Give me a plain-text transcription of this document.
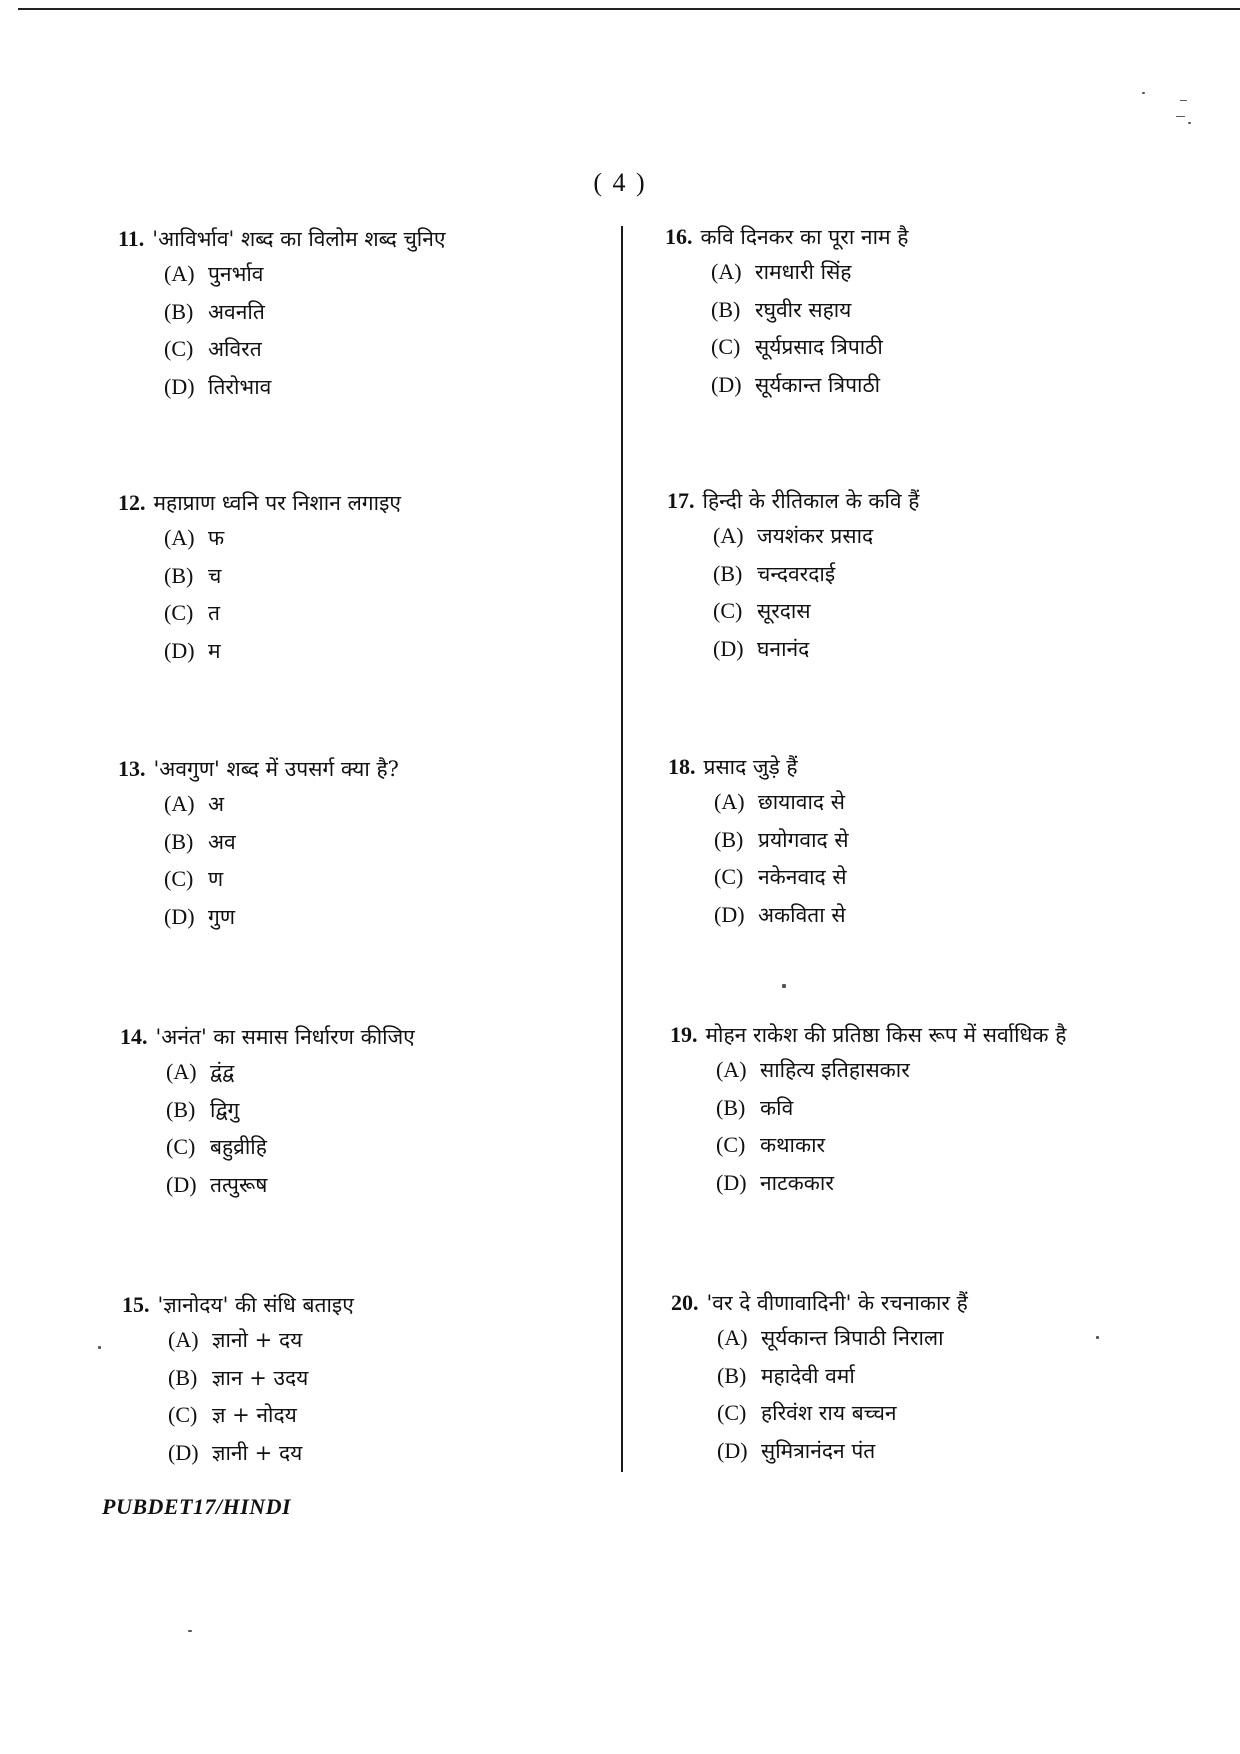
( 4 )
11. 'आविर्भाव' शब्द का विलोम शब्द चुनिए
(A) पुनर्भाव
(B) अवनति
(C) अविरत
(D) तिरोभाव
12. महाप्राण ध्वनि पर निशान लगाइए
(A) फ
(B) च
(C) त
(D) म
13. 'अवगुण' शब्द में उपसर्ग क्या है?
(A) अ
(B) अव
(C) ण
(D) गुण
14. 'अनंत' का समास निर्धारण कीजिए
(A) द्वंद्व
(B) द्विगु
(C) बहुव्रीहि
(D) तत्पुरूष
15. 'ज्ञानोदय' की संधि बताइए
(A) ज्ञानो + दय
(B) ज्ञान + उदय
(C) ज्ञ + नोदय
(D) ज्ञानी + दय
16. कवि दिनकर का पूरा नाम है
(A) रामधारी सिंह
(B) रघुवीर सहाय
(C) सूर्यप्रसाद त्रिपाठी
(D) सूर्यकान्त त्रिपाठी
17. हिन्दी के रीतिकाल के कवि हैं
(A) जयशंकर प्रसाद
(B) चन्दवरदाई
(C) सूरदास
(D) घनानंद
18. प्रसाद जुड़े हैं
(A) छायावाद से
(B) प्रयोगवाद से
(C) नकेनवाद से
(D) अकविता से
19. मोहन राकेश की प्रतिष्ठा किस रूप में सर्वाधिक है
(A) साहित्य इतिहासकार
(B) कवि
(C) कथाकार
(D) नाटककार
20. 'वर दे वीणावादिनी' के रचनाकार हैं
(A) सूर्यकान्त त्रिपाठी निराला
(B) महादेवी वर्मा
(C) हरिवंश राय बच्चन
(D) सुमित्रानंदन पंत
PUBDET17/HINDI
